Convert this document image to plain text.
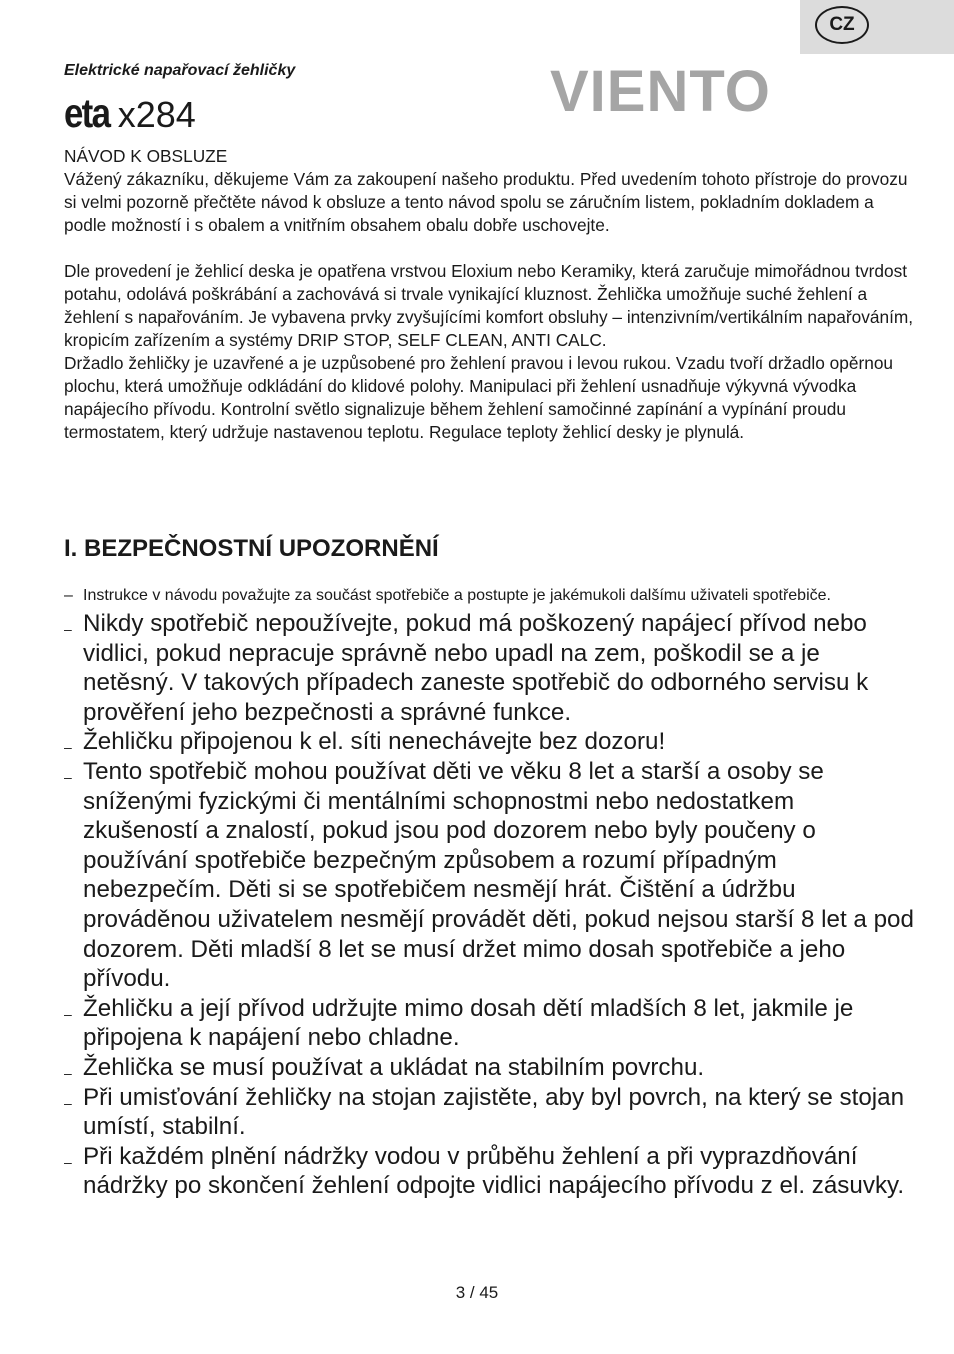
CZ

Elektrické napařovací žehličky

eta x284	VIENTO

NÁVOD K OBSLUZE

Vážený zákazníku, děkujeme Vám za zakoupení našeho produktu. Před uvedením tohoto přístroje do provozu si velmi pozorně přečtěte návod k obsluze a tento návod spolu se záručním listem, pokladním dokladem a podle možností i s obalem a vnitřním obsahem obalu dobře uschovejte.

Dle provedení je žehlicí deska je opatřena vrstvou Eloxium nebo Keramiky, která zaručuje mimořádnou tvrdost potahu, odolává poškrábání a zachovává si trvale vynikající kluznost. Žehlička umožňuje suché žehlení a žehlení s napařováním. Je vybavena prvky zvyšujícími komfort obsluhy – intenzivním/vertikálním napařováním, kropicím zařízením a systémy DRIP STOP, SELF CLEAN, ANTI CALC.

Držadlo žehličky je uzavřené a je uzpůsobené pro žehlení pravou i levou rukou. Vzadu tvoří držadlo opěrnou plochu, která umožňuje odkládání do klidové polohy. Manipulaci při žehlení usnadňuje výkyvná vývodka napájecího přívodu. Kontrolní světlo signalizuje během žehlení samočinné zapínání a vypínání proudu termostatem, který udržuje nastavenou teplotu. Regulace teploty žehlicí desky je plynulá.

I. BEZPEČNOSTNÍ UPOZORNĚNÍ
– Instrukce v návodu považujte za součást spotřebiče a postupte je jakémukoli dalšímu uživateli spotřebiče.
– Nikdy spotřebič nepoužívejte, pokud má poškozený napájecí přívod nebo vidlici, pokud nepracuje správně nebo upadl na zem, poškodil se a je netěsný. V takových případech zaneste spotřebič do odborného servisu k prověření jeho bezpečnosti a správné funkce.
– Žehličku připojenou k el. síti nenechávejte bez dozoru!
– Tento spotřebič mohou používat děti ve věku 8 let a starší a osoby se sníženými fyzickými či mentálními schopnostmi nebo nedostatkem zkušeností a znalostí, pokud jsou pod dozorem nebo byly poučeny o používání spotřebiče bezpečným způsobem a rozumí případným nebezpečím. Děti si se spotřebičem nesmějí hrát. Čištění a údržbu prováděnou uživatelem nesmějí provádět děti, pokud nejsou starší 8 let a pod dozorem. Děti mladší 8 let se musí držet mimo dosah spotřebiče a jeho přívodu.
– Žehličku a její přívod udržujte mimo dosah dětí mladších 8 let, jakmile je připojena k napájení nebo chladne.
– Žehlička se musí používat a ukládat na stabilním povrchu.
– Při umisťování žehličky na stojan zajistěte, aby byl povrch, na který se stojan umístí, stabilní.
– Při každém plnění nádržky vodou v průběhu žehlení a při vyprazdňování nádržky po skončení žehlení odpojte vidlici napájecího přívodu z el. zásuvky.
3 / 45
